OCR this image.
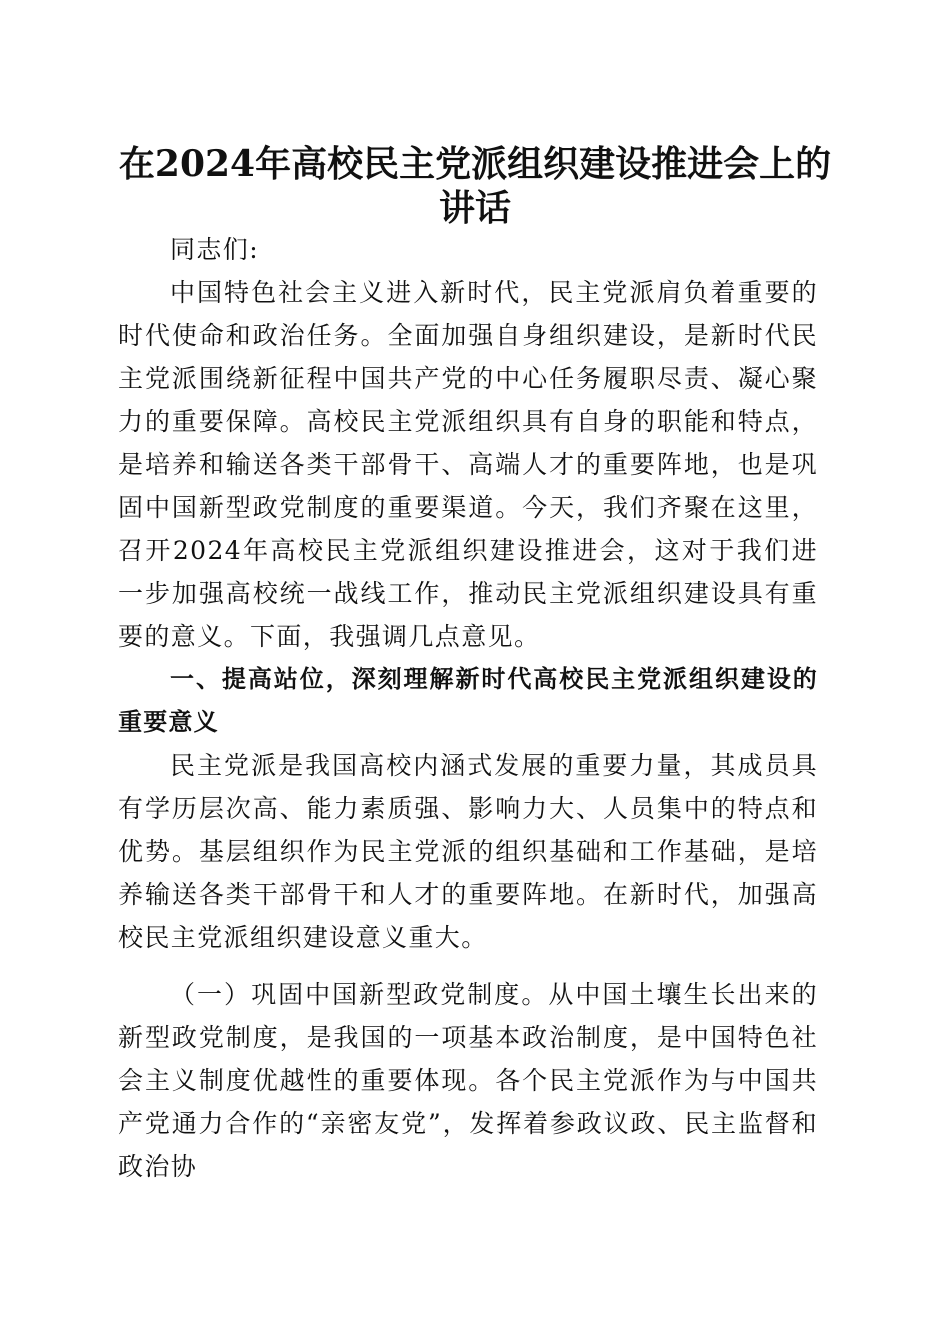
在2024年高校民主党派组织建设推进会上的
讲话

同志们:

中国特色社会主义进入新时代，民主党派肩负着重要的时代使命和政治任务。全面加强自身组织建设，是新时代民主党派围绕新征程中国共产党的中心任务履职尽责、凝心聚力的重要保障。高校民主党派组织具有自身的职能和特点，是培养和输送各类干部骨干、高端人才的重要阵地，也是巩固中国新型政党制度的重要渠道。今天，我们齐聚在这里，召开2024年高校民主党派组织建设推进会，这对于我们进一步加强高校统一战线工作，推动民主党派组织建设具有重要的意义。下面，我强调几点意见。

一、提高站位，深刻理解新时代高校民主党派组织建设的重要意义

民主党派是我国高校内涵式发展的重要力量，其成员具有学历层次高、能力素质强、影响力大、人员集中的特点和优势。基层组织作为民主党派的组织基础和工作基础，是培养输送各类干部骨干和人才的重要阵地。在新时代，加强高校民主党派组织建设意义重大。

（一）巩固中国新型政党制度。从中国土壤生长出来的新型政党制度，是我国的一项基本政治制度，是中国特色社会主义制度优越性的重要体现。各个民主党派作为与中国共产党通力合作的“亲密友党”，发挥着参政议政、民主监督和政治协
